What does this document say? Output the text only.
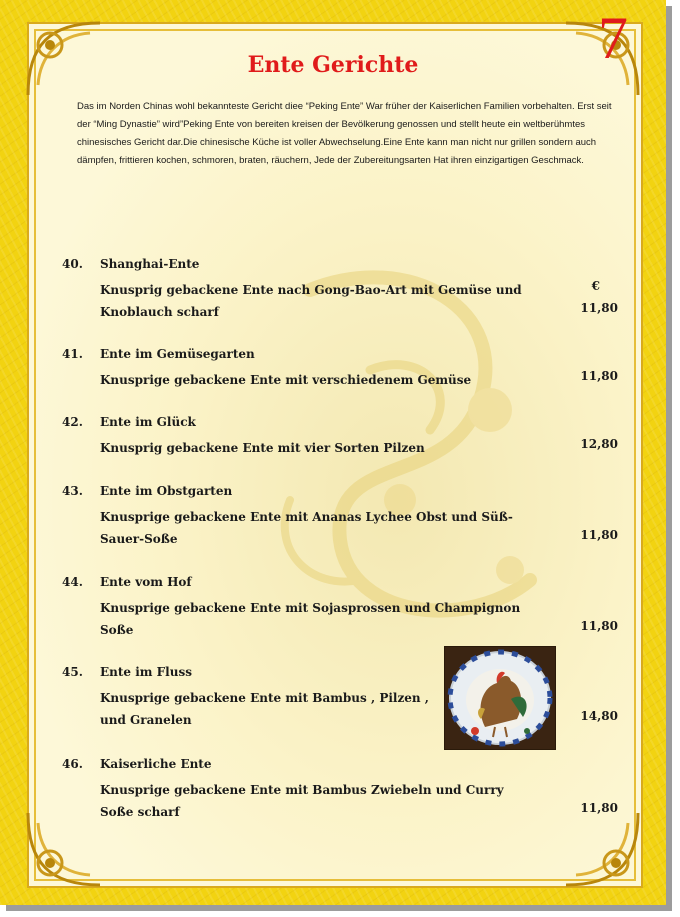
7
Ente Gerichte
Das im Norden Chinas wohl bekannteste Gericht diee “Peking Ente” War früher der Kaiserlichen Familien vorbehalten. Erst seit der “Ming Dynastie” wird”Peking Ente von bereiten kreisen der Bevölkerung genossen und stellt heute ein weltberühmtes chinesisches Gericht dar.Die chinesische Küche ist voller Abwechselung.Eine Ente kann man nicht nur grillen sondern auch dämpfen, frittieren kochen, schmoren, braten, räuchern, Jede der Zubereitungsarten Hat ihren einzigartigen Geschmack.
40. Shanghai-Ente
Knusprig gebackene Ente nach Gong-Bao-Art mit Gemüse und Knoblauch scharf
€
11,80
41. Ente im Gemüsegarten
Knusprige gebackene Ente mit verschiedenem Gemüse	11,80
42. Ente im Glück
Knusprig gebackene Ente mit vier Sorten Pilzen	12,80
43. Ente im Obstgarten
Knusprige gebackene Ente mit Ananas Lychee Obst und Süß-Sauer-Soße	11,80
44. Ente vom Hof
Knusprige gebackene Ente mit Sojasprossen und Champignon Soße	11,80
45. Ente im Fluss
Knusprige gebackene Ente mit Bambus , Pilzen , und Granelen	14,80
46. Kaiserliche Ente
Knusprige gebackene Ente mit Bambus Zwiebeln und Curry Soße scharf	11,80
